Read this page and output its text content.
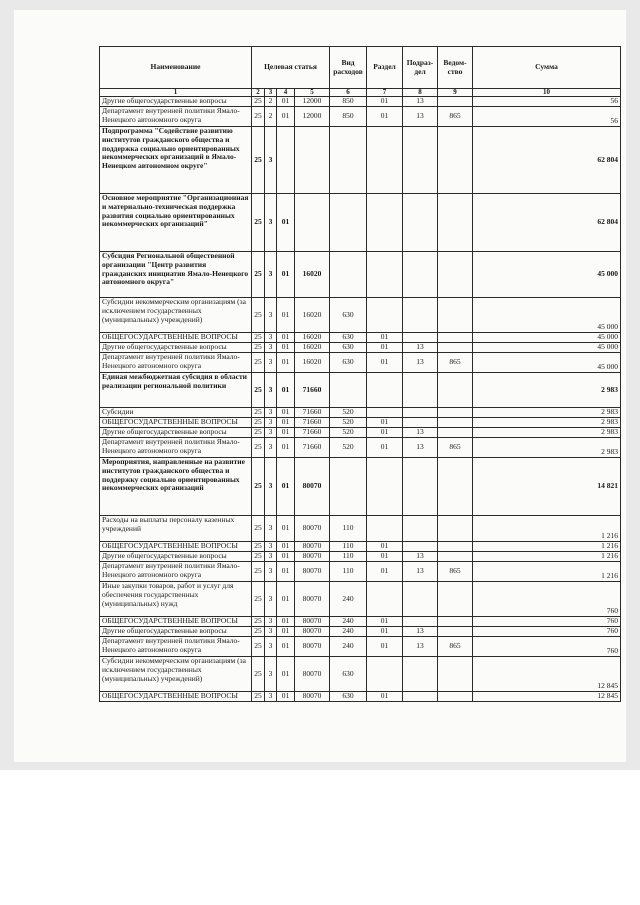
Наименование	Целевая статья				Вид расходов	Раздел	Подраз-дел	Ведом-ство	Сумма
1	2	3	4	5	6	7	8	9	10
Другие общегосударственные вопросы	25	2	01	12000	850	01	13		56
Департамент внутренней политики Ямало-Ненецкого автономного округа	25	2	01	12000	850	01	13	865	56
Подпрограмма "Содействие развитию институтов гражданского общества и поддержка социально ориентированных некоммерческих организаций в Ямало-Ненецком автономном округе"	25	3							62 804
Основное мероприятие "Организационная и материально-техническая поддержка развития социально ориентированных некоммерческих организаций"	25	3	01						62 804
Субсидия Региональной общественной организации "Центр развития гражданских инициатив Ямало-Ненецкого автономного округа"	25	3	01	16020					45 000
Субсидии некоммерческим организациям (за исключением государственных (муниципальных) учреждений)	25	3	01	16020	630				45 000
ОБЩЕГОСУДАРСТВЕННЫЕ ВОПРОСЫ	25	3	01	16020	630	01			45 000
Другие общегосударственные вопросы	25	3	01	16020	630	01	13		45 000
Департамент внутренней политики Ямало-Ненецкого автономного округа	25	3	01	16020	630	01	13	865	45 000
Единая межбюджетная субсидия в области реализации региональной политики	25	3	01	71660					2 983
Субсидии	25	3	01	71660	520				2 983
ОБЩЕГОСУДАРСТВЕННЫЕ ВОПРОСЫ	25	3	01	71660	520	01			2 983
Другие общегосударственные вопросы	25	3	01	71660	520	01	13		2 983
Департамент внутренней политики Ямало-Ненецкого автономного округа	25	3	01	71660	520	01	13	865	2 983
Мероприятия, направленные на развитие институтов гражданского общества и поддержку социально ориентированных некоммерческих организаций	25	3	01	80070					14 821
Расходы на выплаты персоналу казенных учреждений	25	3	01	80070	110				1 216
ОБЩЕГОСУДАРСТВЕННЫЕ ВОПРОСЫ	25	3	01	80070	110	01			1 216
Другие общегосударственные вопросы	25	3	01	80070	110	01	13		1 216
Департамент внутренней политики Ямало-Ненецкого автономного округа	25	3	01	80070	110	01	13	865	1 216
Иные закупки товаров, работ и услуг для обеспечения государственных (муниципальных) нужд	25	3	01	80070	240				760
ОБЩЕГОСУДАРСТВЕННЫЕ ВОПРОСЫ	25	3	01	80070	240	01			760
Другие общегосударственные вопросы	25	3	01	80070	240	01	13		760
Департамент внутренней политики Ямало-Ненецкого автономного округа	25	3	01	80070	240	01	13	865	760
Субсидии некоммерческим организациям (за исключением государственных (муниципальных) учреждений)	25	3	01	80070	630				12 845
ОБЩЕГОСУДАРСТВЕННЫЕ ВОПРОСЫ	25	3	01	80070	630	01			12 845
